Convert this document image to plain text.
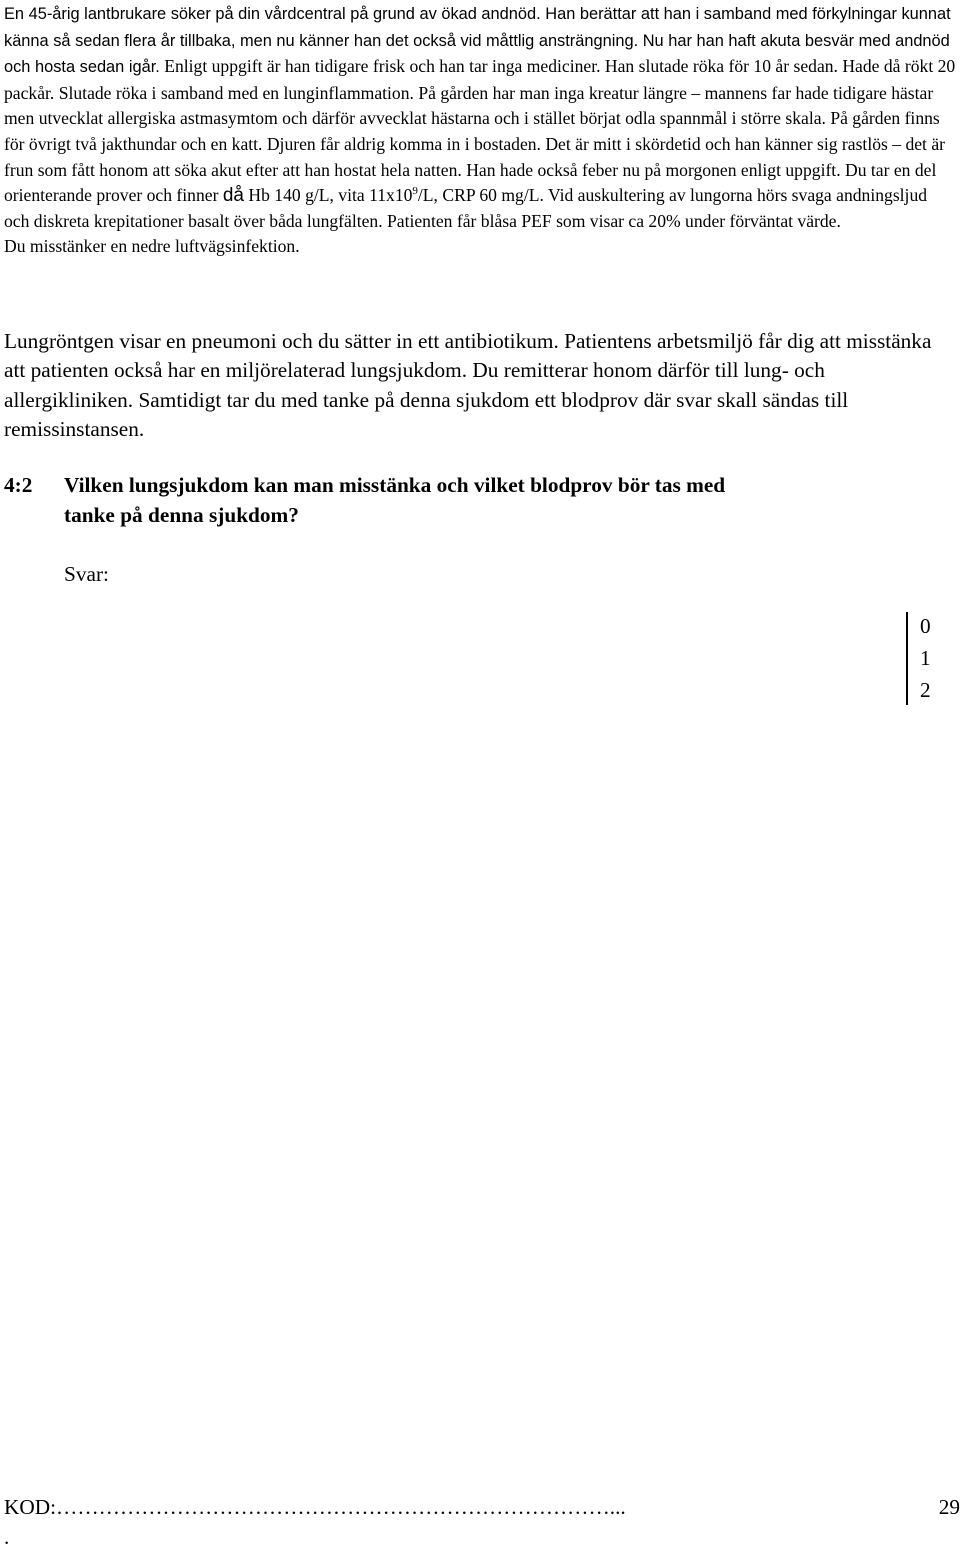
En 45-årig lantbrukare söker på din vårdcentral på grund av ökad andnöd. Han berättar att han i samband med förkylningar kunnat känna så sedan flera år tillbaka, men nu känner han det också vid måttlig ansträngning. Nu har han haft akuta besvär med andnöd och hosta sedan igår. Enligt uppgift är han tidigare frisk och han tar inga mediciner. Han slutade röka för 10 år sedan. Hade då rökt 20 packår. Slutade röka i samband med en lunginflammation. På gården har man inga kreatur längre – mannens far hade tidigare hästar men utvecklat allergiska astmasymtom och därför avvecklat hästarna och i stället börjat odla spannmål i större skala. På gården finns för övrigt två jakthundar och en katt. Djuren får aldrig komma in i bostaden. Det är mitt i skördetid och han känner sig rastlös – det är frun som fått honom att söka akut efter att han hostat hela natten. Han hade också feber nu på morgonen enligt uppgift. Du tar en del orienterande prover och finner då Hb 140 g/L, vita $11x10^9/L$, CRP 60 mg/L. Vid auskultering av lungorna hörs svaga andningsljud och diskreta krepitationer basalt över båda lungfälten. Patienten får blåsa PEF som visar ca 20% under förväntat värde.
Du misstänker en nedre luftvägsinfektion.

Lungröntgen visar en pneumoni och du sätter in ett antibiotikum. Patientens arbetsmiljö får dig att misstänka att patienten också har en miljörelaterad lungsjukdom. Du remitterar honom därför till lung- och allergikliniken. Samtidigt tar du med tanke på denna sjukdom ett blodprov där svar skall sändas till remissinstansen.

4:2 Vilken lungsjukdom kan man misstänka och vilket blodprov bör tas med
tanke på denna sjukdom?

Svar:
0
1
2
KOD:……………………………………………………………………...
.
29
